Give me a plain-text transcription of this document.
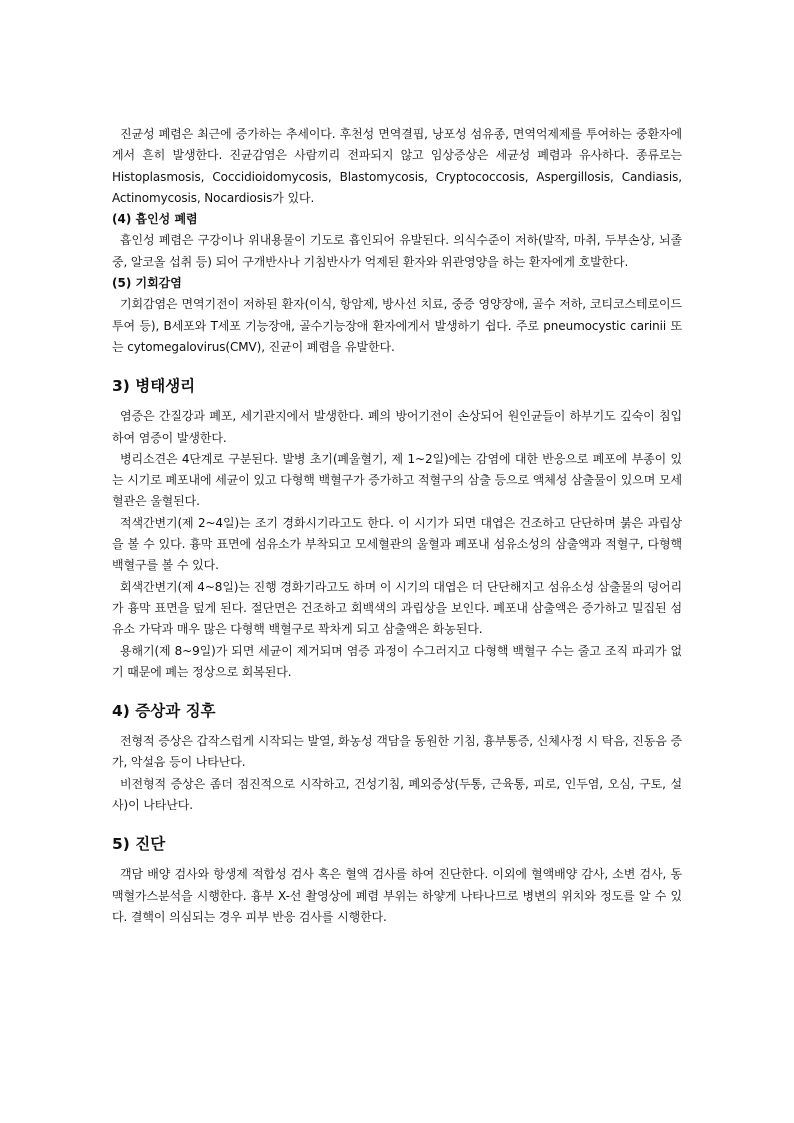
진균성 폐렴은 최근에 증가하는 추세이다. 후천성 면역결핍, 낭포성 섬유종, 면역억제제를 투여하는 중환자에게서 흔히 발생한다. 진균감염은 사람끼리 전파되지 않고 임상증상은 세균성 폐렴과 유사하다. 종류로는 Histoplasmosis, Coccidioidomycosis, Blastomycosis, Cryptococcosis, Aspergillosis, Candiasis, Actinomycosis, Nocardiosis가 있다.

(4) 흡인성 폐렴

흡인성 폐렴은 구강이나 위내용물이 기도로 흡인되어 유발된다. 의식수준이 저하(발작, 마취, 두부손상, 뇌졸중, 알코올 섭취 등) 되어 구개반사나 기침반사가 억제된 환자와 위관영양을 하는 환자에게 호발한다.

(5) 기회감염

기회감염은 면역기전이 저하된 환자(이식, 항암제, 방사선 치료, 중증 영양장애, 골수 저하, 코티코스테로이드 투여 등), B세포와 T세포 기능장애, 골수기능장애 환자에게서 발생하기 쉽다. 주로 pneumocystic carinii 또는 cytomegalovirus(CMV), 진균이 폐렴을 유발한다.

3) 병태생리

염증은 간질강과 폐포, 세기관지에서 발생한다. 폐의 방어기전이 손상되어 원인균들이 하부기도 깊숙이 침입하여 염증이 발생한다.

병리소견은 4단계로 구분된다. 발병 초기(폐울혈기, 제 1~2일)에는 감염에 대한 반응으로 폐포에 부종이 있는 시기로 폐포내에 세균이 있고 다형핵 백혈구가 증가하고 적혈구의 삼출 등으로 액체성 삼출물이 있으며 모세혈관은 울혈된다.

적색간변기(제 2~4일)는 조기 경화시기라고도 한다. 이 시기가 되면 대엽은 건조하고 단단하며 붉은 과립상을 볼 수 있다. 흉막 표면에 섬유소가 부착되고 모세혈관의 울혈과 폐포내 섬유소성의 삼출액과 적혈구, 다형핵 백혈구를 볼 수 있다.

회색간변기(제 4~8일)는 진행 경화기라고도 하며 이 시기의 대엽은 더 단단해지고 섬유소성 삼출물의 덩어리가 흉막 표면을 덮게 된다. 절단면은 건조하고 회백색의 과립상을 보인다. 폐포내 삼출액은 증가하고 밀집된 섬유소 가닥과 매우 많은 다형핵 백혈구로 꽉차게 되고 삼출액은 화농된다.

용해기(제 8~9일)가 되면 세균이 제거되며 염증 과정이 수그러지고 다형핵 백혈구 수는 줄고 조직 파괴가 없기 때문에 폐는 정상으로 회복된다.

4) 증상과 징후

전형적 증상은 갑작스럽게 시작되는 발열, 화농성 객담을 동원한 기침, 흉부통증, 신체사정 시 탁음, 진동음 증가, 악설음 등이 나타난다.

비전형적 증상은 좀더 점진적으로 시작하고, 건성기침, 폐외증상(두통, 근육통, 피로, 인두염, 오심, 구토, 설사)이 나타난다.

5) 진단

객담 배양 검사와 항생제 적합성 검사 혹은 혈액 검사를 하여 진단한다. 이외에 혈액배양 감사, 소변 검사, 동맥혈가스분석을 시행한다. 흉부 X-선 촬영상에 폐렴 부위는 하얗게 나타나므로 병변의 위치와 정도를 알 수 있다. 결핵이 의심되는 경우 피부 반응 검사를 시행한다.
